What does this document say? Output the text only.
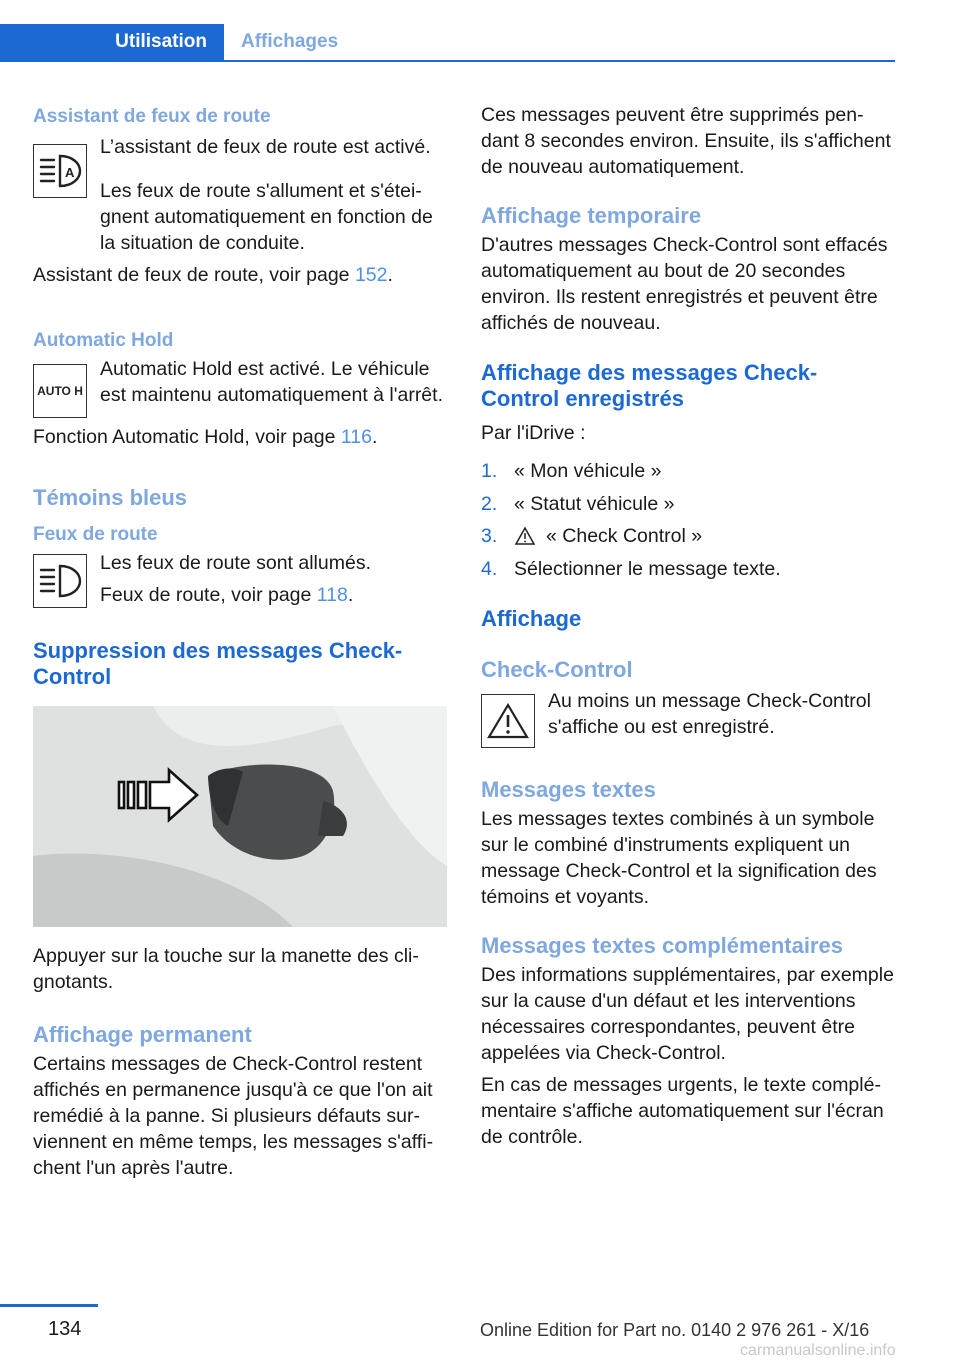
Utilisation	Affichages
Assistant de feux de route
A

L’assistant de feux de route est activé.

Les feux de route s'allument et s'éteignent automatiquement en fonction de la situation de conduite.

Assistant de feux de route, voir page 152.

Automatic Hold
AUTO H

Automatic Hold est activé. Le véhicule est maintenu automatiquement à l'arrêt.

Fonction Automatic Hold, voir page 116.

Témoins bleus
Feux de route

Les feux de route sont allumés.

Feux de route, voir page 118.

Suppression des messages Check-Control

Appuyer sur la touche sur la manette des clignotants.

Affichage permanent

Certains messages de Check-Control restent affichés en permanence jusqu'à ce que l'on ait remédié à la panne. Si plusieurs défauts surviennent en même temps, les messages s'affichent l'un après l'autre.

Ces messages peuvent être supprimés pendant 8 secondes environ. Ensuite, ils s'affichent de nouveau automatiquement.

Affichage temporaire

D'autres messages Check-Control sont effacés automatiquement au bout de 20 secondes environ. Ils restent enregistrés et peuvent être affichés de nouveau.

Affichage des messages Check-Control enregistrés

Par l'iDrive :

1. « Mon véhicule »
2. « Statut véhicule »
3.	« Check Control »
4. Sélectionner le message texte.
Affichage
Check-Control

Au moins un message Check-Control s'affiche ou est enregistré.

Messages textes

Les messages textes combinés à un symbole sur le combiné d'instruments expliquent un message Check-Control et la signification des témoins et voyants.

Messages textes complémentaires

Des informations supplémentaires, par exemple sur la cause d'un défaut et les interventions nécessaires correspondantes, peuvent être appelées via Check-Control.

En cas de messages urgents, le texte complémentaire s'affiche automatiquement sur l'écran de contrôle.

134	Online Edition for Part no. 0140 2 976 261 - X/16
carmanualsonline.info
